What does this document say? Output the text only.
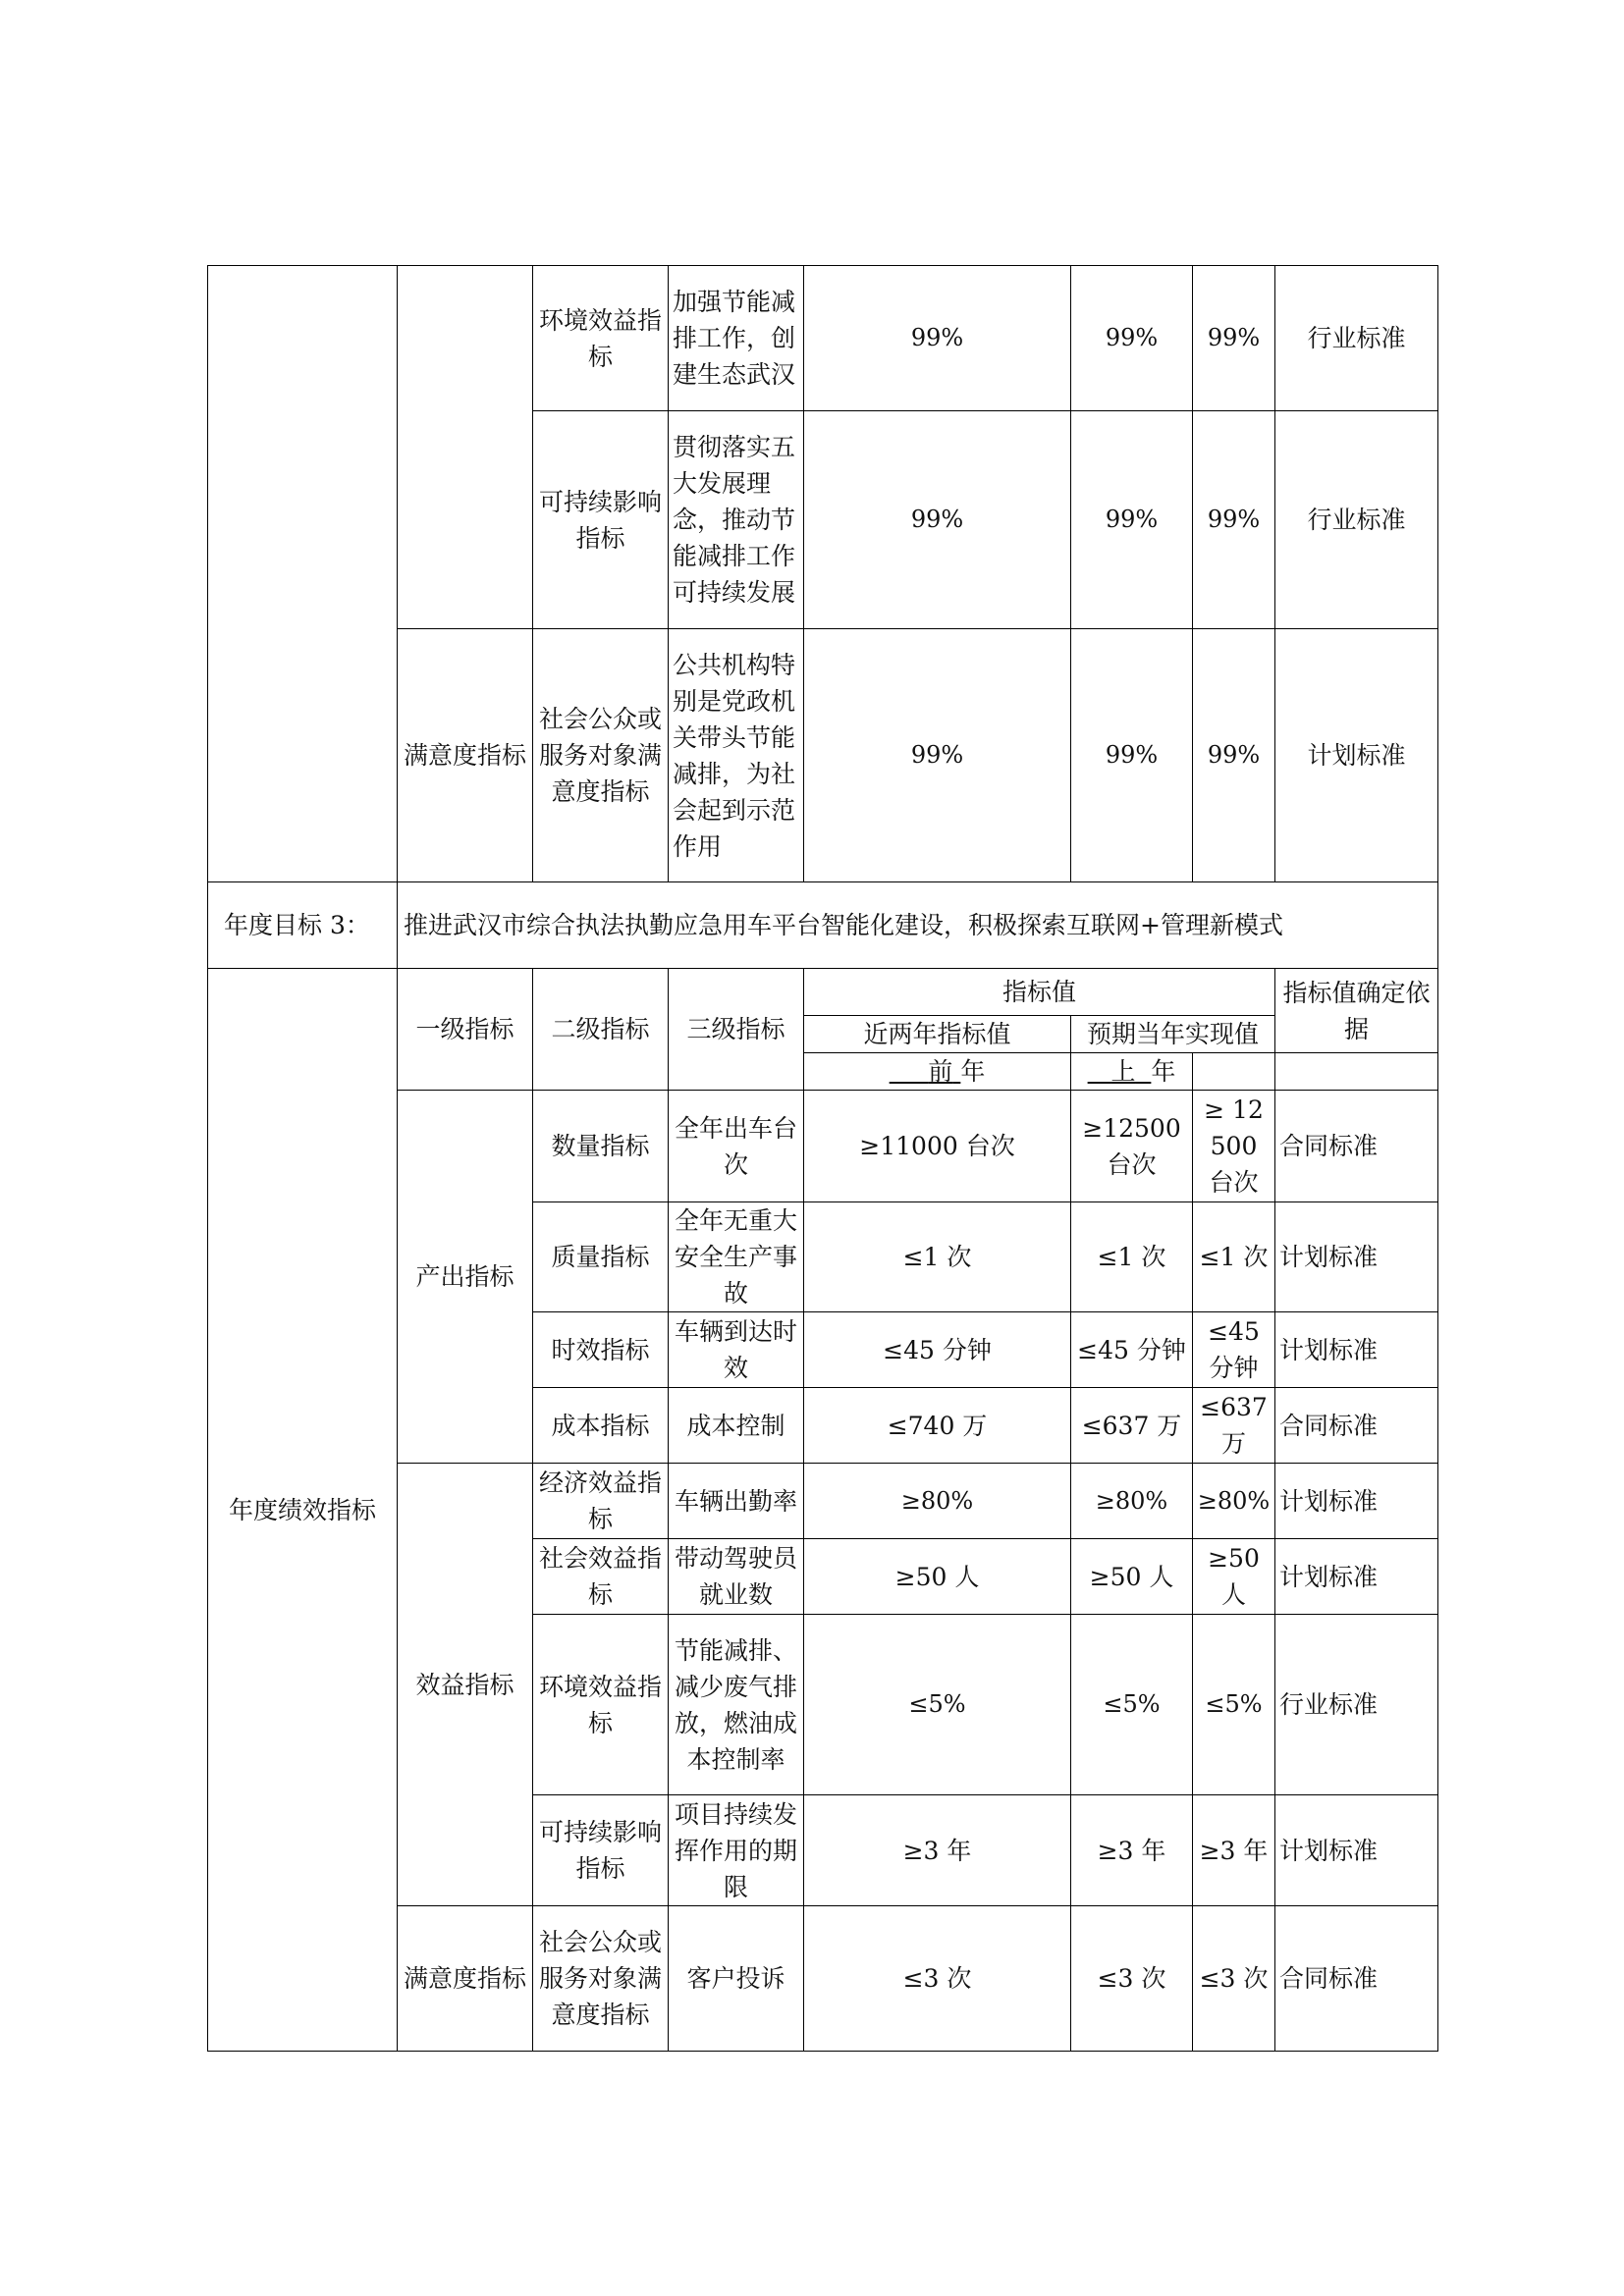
		环境效益指标	加强节能减排工作，创建生态武汉	99%	99%	99%	行业标准
		可持续影响指标	贯彻落实五大发展理念，推动节能减排工作可持续发展	99%	99%	99%	行业标准
	满意度指标	社会公众或服务对象满意度指标	公共机构特别是党政机关带头节能减排，为社会起到示范作用	99%	99%	99%	计划标准
年度目标 3：	推进武汉市综合执法执勤应急用车平台智能化建设，积极探索互联网+管理新模式						
年度绩效指标	一级指标	二级指标	三级指标	指标值			指标值确定依据
				近两年指标值	预期当年实现值		
				前 年	上 年		
	产出指标	数量指标	全年出车台次	≥11000 台次	≥12500 台次	≥ 12500 台次	合同标准
		质量指标	全年无重大安全生产事故	≤1 次	≤1 次	≤1 次	计划标准
		时效指标	车辆到达时效	≤45 分钟	≤45 分钟	≤45 分钟	计划标准
		成本指标	成本控制	≤740 万	≤637 万	≤637 万	合同标准
	效益指标	经济效益指标	车辆出勤率	≥80%	≥80%	≥80%	计划标准
		社会效益指标	带动驾驶员就业数	≥50 人	≥50 人	≥50 人	计划标准
		环境效益指标	节能减排、减少废气排放，燃油成本控制率	≤5%	≤5%	≤5%	行业标准
		可持续影响指标	项目持续发挥作用的期限	≥3 年	≥3 年	≥3 年	计划标准
	满意度指标	社会公众或服务对象满意度指标	客户投诉	≤3 次	≤3 次	≤3 次	合同标准
